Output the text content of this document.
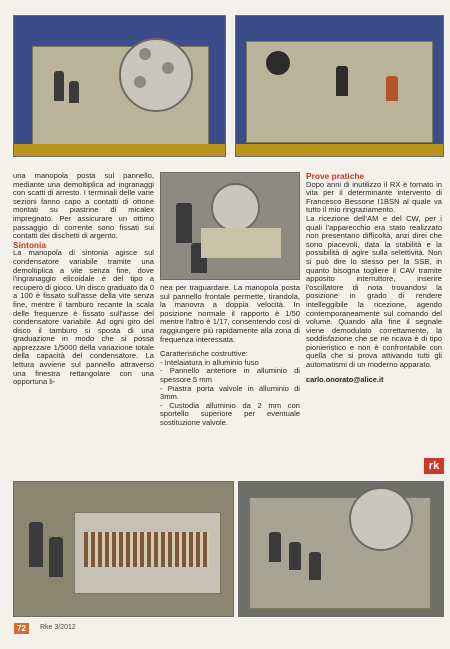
una manopola posta sul pannello, mediante una demoltiplica ad ingranaggi con scatti di arresto. I terminali delle varie sezioni fanno capo a contatti di ottone montati su piastrine di micalex impregnato. Per assicurare un ottimo passaggio di corrente sono fissati sui contatti dei dischetti di argento.

Sintonia

La manopola di sintonia agisce sul condensatore variabile tramite una demoltiplica a vite senza fine, dove l'ingranaggio elicoidale è del tipo a recupero di gioco. Un disco graduato da 0 a 100 è fissato sull'asse della vite senza fine, mentre il tamburo recante la scala delle frequenze è fissato sull'asse del condensatore variabile. Ad ogni giro del disco il tamburo si sposta di una graduazione in modo che si possa apprezzare 1/5000 della variazione totale della capacità del condensatore. La lettura avviene sul pannello attraverso una finestra rettangolare con una opportuna li-

nea per traguardare. La manopola posta sul pannello frontale permette, tirandola, la manovra a doppia velocità. In posizione normale il rapporto è 1/50 mentre l'altro è 1/17, consentendo così di raggiungere più rapidamente alla zona di frequenza interessata.

Caratteristiche costruttive:

- Intelaiatura in alluminio fuso

- Pannello anteriore in alluminio di spessore 5 mm

- Piastra porta valvole in alluminio di 3mm.

- Custodia alluminio da 2 mm con sportello superiore per eventuale sostituzione valvole.

Prove pratiche

Dopo anni di inutilizzo il RX è tornato in vita per il determinante intervento di Francesco Bessone I1BSN al quale va tutto il mio ringraziamento.

La ricezione dell'AM e del CW, per i quali l'apparecchio era stato realizzato non presentano difficoltà, anzi direi che sono piacevoli, data la stabilità e la possibilità di agire sulla selettività. Non si può dire lo stesso per la SSB, in quanto bisogna togliere il CAV tramite apposito interruttore, inserire l'oscillatore di nota trovandosi la posizione in grado di rendere intelleggibile la ricezione, agendo contemporaneamente sul comando del volume. Quando alla fine il segnale viene demodulato correttamente, la soddisfazione che se ne ricava è di tipo pionieristico e non è confrontabile con quella che si prova attivando tutti gli automatismi di un moderno apparato.

carlo.onorato@alice.it

rk
72	Rke 3/2012
